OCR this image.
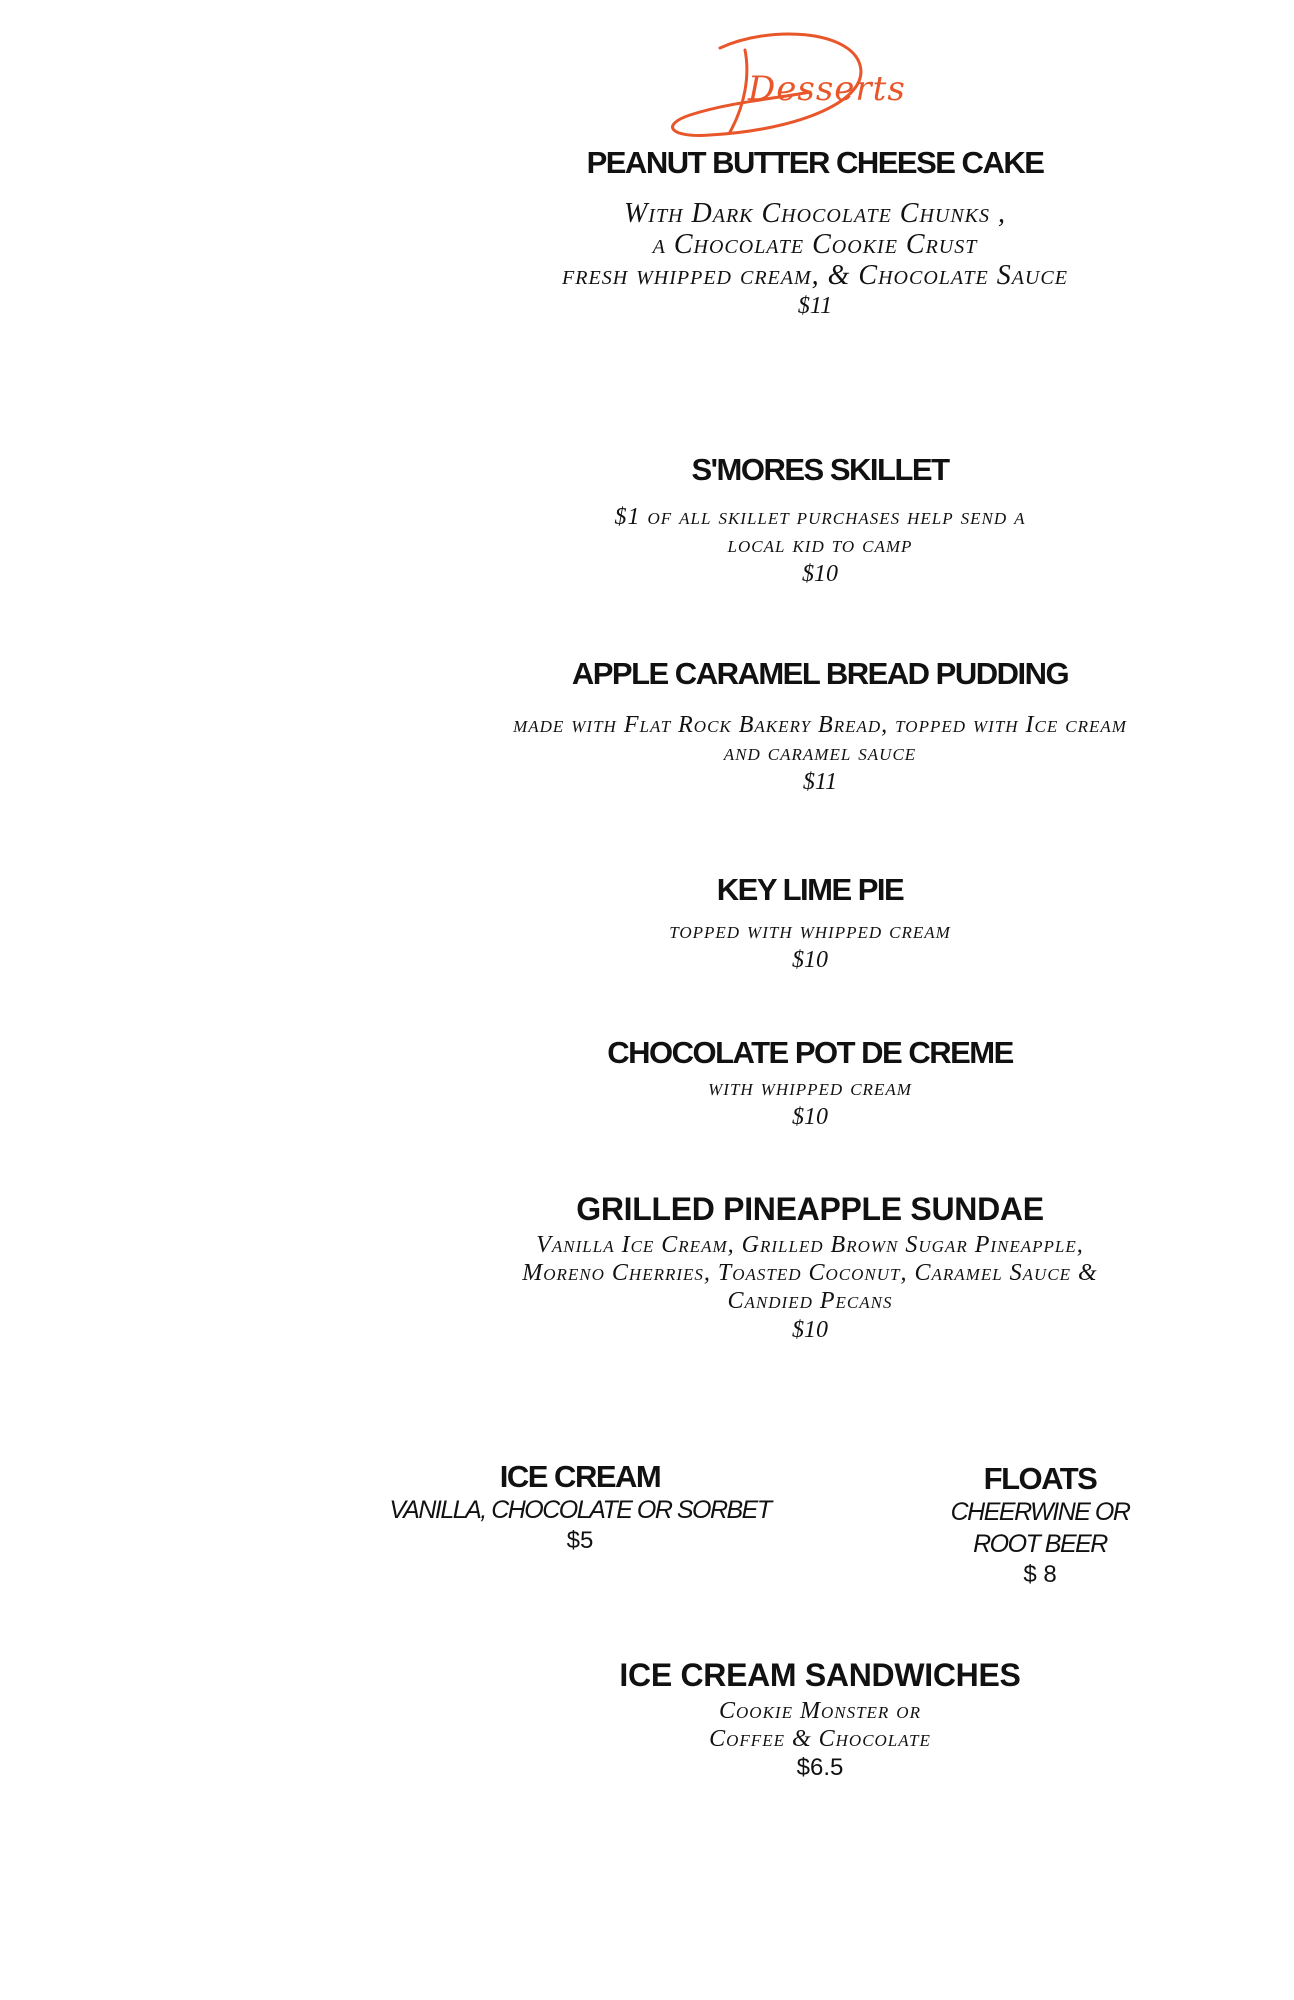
Desserts
PEANUT BUTTER CHEESE CAKE
With Dark Chocolate Chunks ,
a Chocolate Cookie Crust
fresh whipped cream, & Chocolate Sauce
$11
S'MORES SKILLET
$1 of all skillet purchases help send a
local kid to camp
$10
APPLE CARAMEL BREAD PUDDING
made with Flat Rock Bakery Bread, topped with Ice cream
and caramel sauce
$11
KEY LIME PIE
topped with whipped cream
$10
CHOCOLATE POT DE CREME
with whipped cream
$10
GRILLED PINEAPPLE SUNDAE
Vanilla Ice Cream, Grilled Brown Sugar Pineapple,
Moreno Cherries, Toasted Coconut, Caramel Sauce &
Candied Pecans
$10
ICE CREAM
VANILLA, CHOCOLATE OR SORBET
$5
FLOATS
CHEERWINE OR
ROOT BEER
$ 8
ICE CREAM SANDWICHES
Cookie Monster or
Coffee & Chocolate
$6.5
